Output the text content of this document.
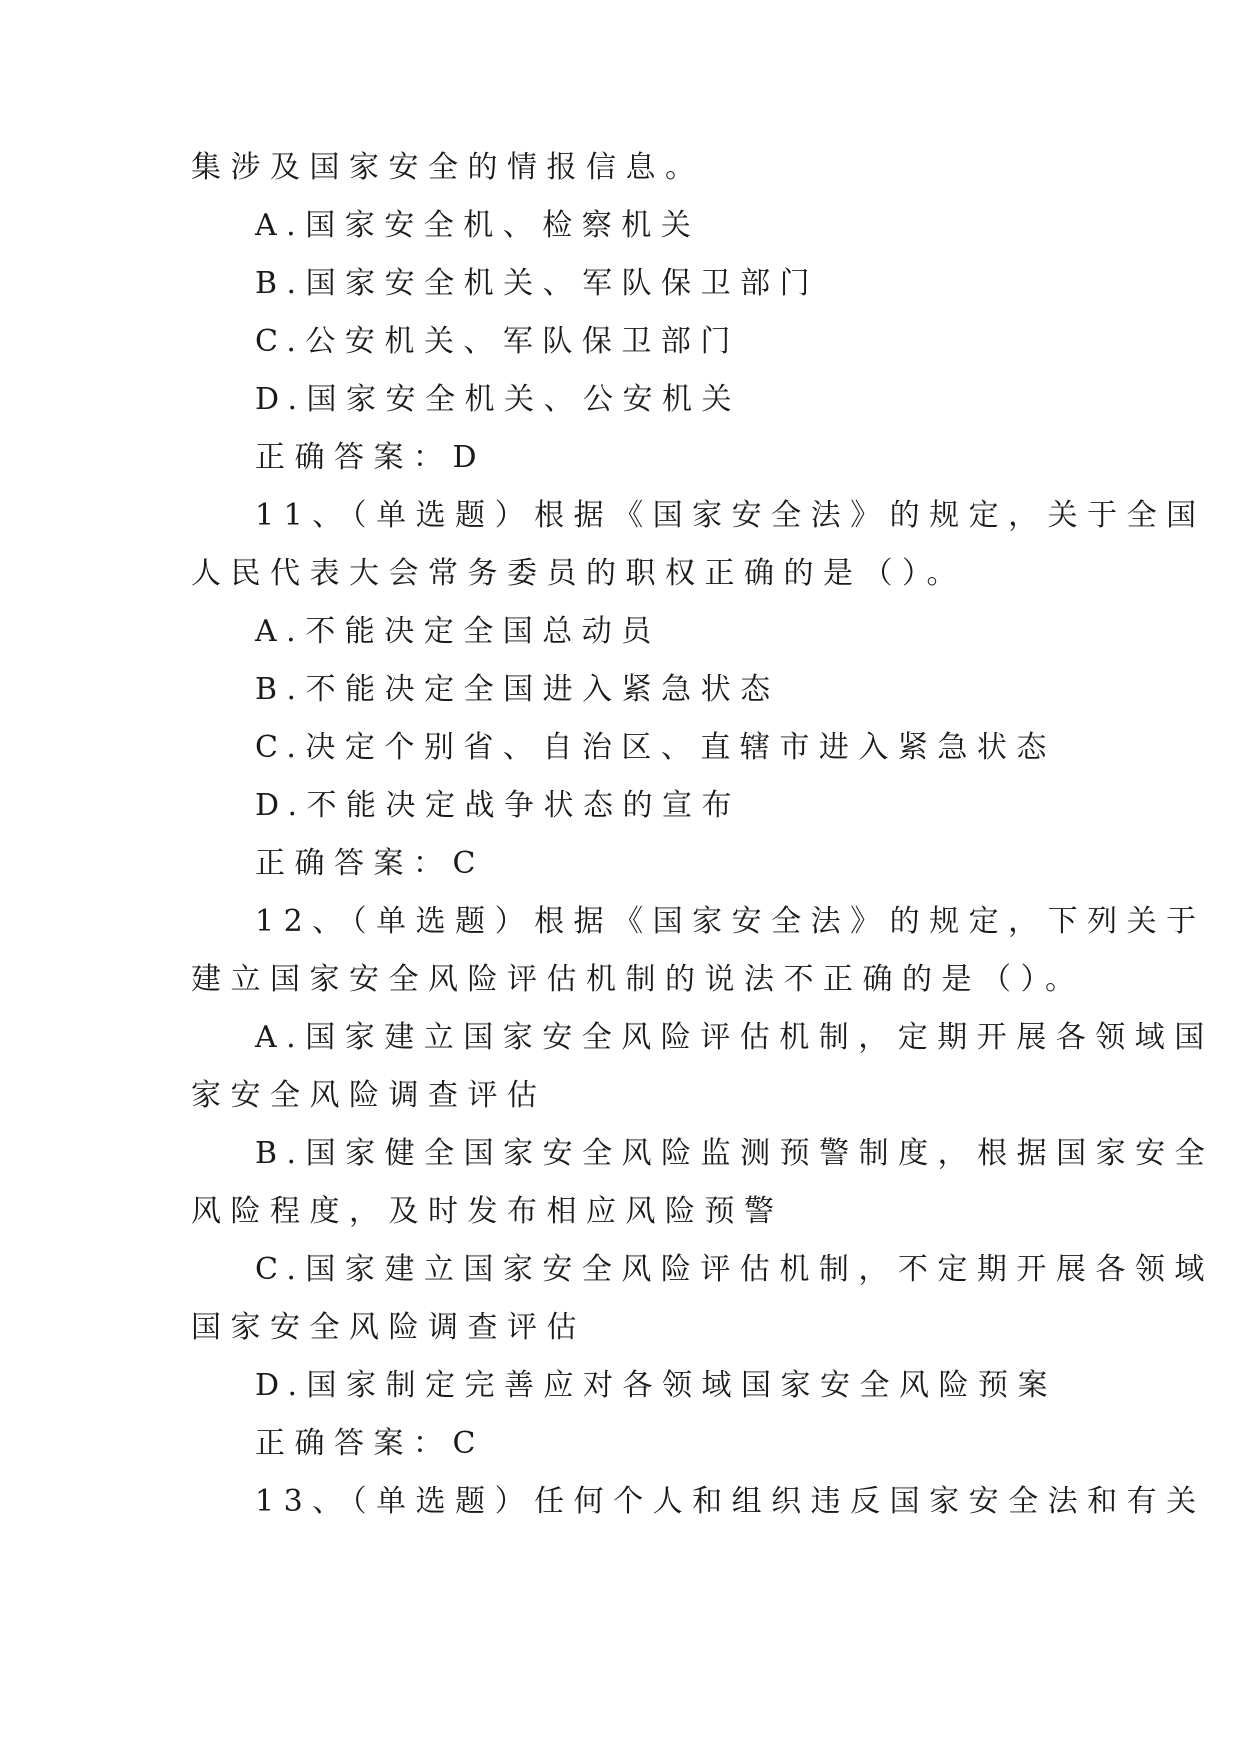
集涉及国家安全的情报信息。
A.国家安全机、检察机关
B.国家安全机关、军队保卫部门
C.公安机关、军队保卫部门
D.国家安全机关、公安机关
正确答案：D
11、（单选题）根据《国家安全法》的规定，关于全国
人民代表大会常务委员的职权正确的是（）。
A.不能决定全国总动员
B.不能决定全国进入紧急状态
C.决定个别省、自治区、直辖市进入紧急状态
D.不能决定战争状态的宣布
正确答案：C
12、（单选题）根据《国家安全法》的规定，下列关于
建立国家安全风险评估机制的说法不正确的是（）。
A.国家建立国家安全风险评估机制，定期开展各领域国
家安全风险调查评估
B.国家健全国家安全风险监测预警制度，根据国家安全
风险程度，及时发布相应风险预警
C.国家建立国家安全风险评估机制，不定期开展各领域
国家安全风险调查评估
D.国家制定完善应对各领域国家安全风险预案
正确答案：C
13、（单选题）任何个人和组织违反国家安全法和有关
